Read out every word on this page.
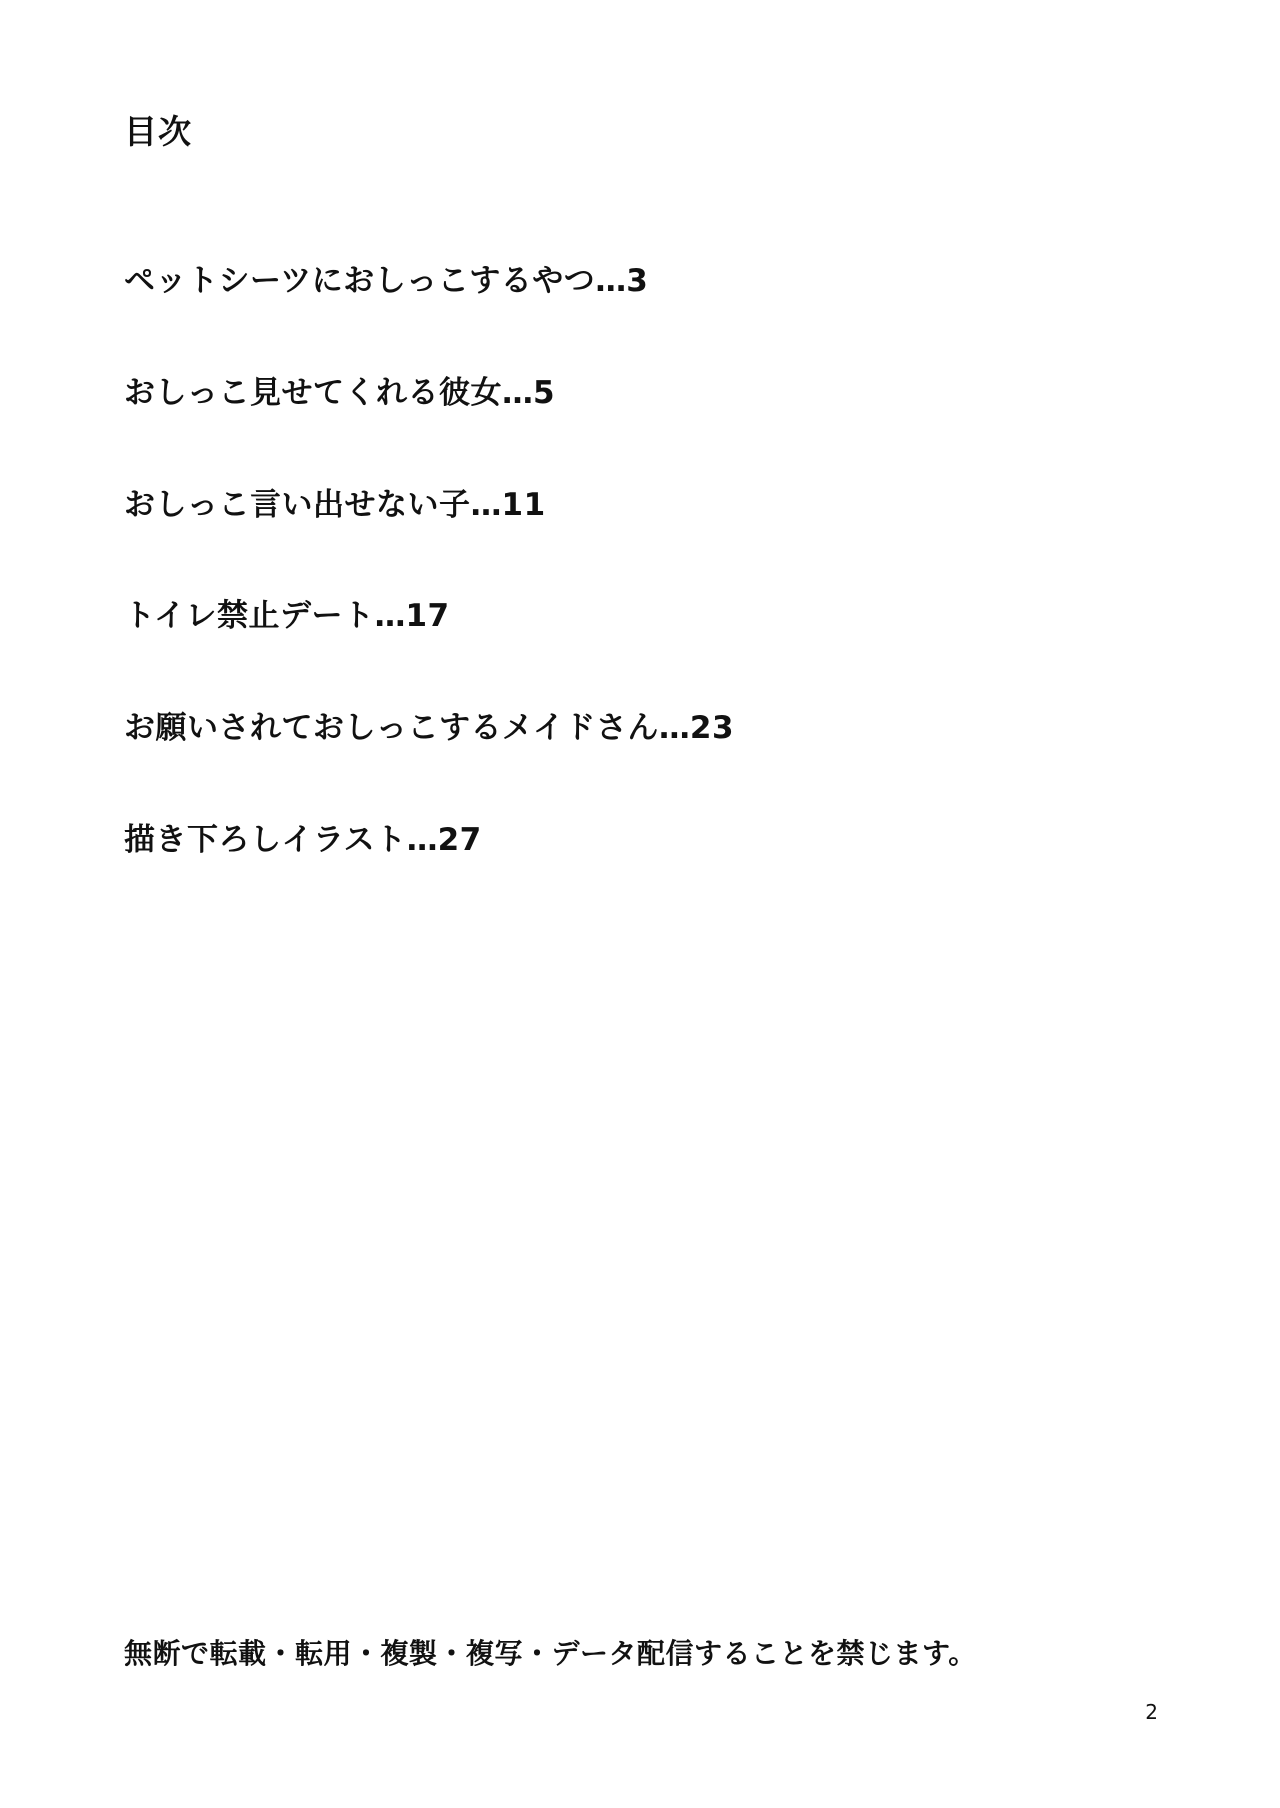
目次
ペットシーツにおしっこするやつ…3
おしっこ見せてくれる彼女…5
おしっこ言い出せない子…11
トイレ禁止デート…17
お願いされておしっこするメイドさん…23
描き下ろしイラスト…27
無断で転載・転用・複製・複写・データ配信することを禁じます。
2
